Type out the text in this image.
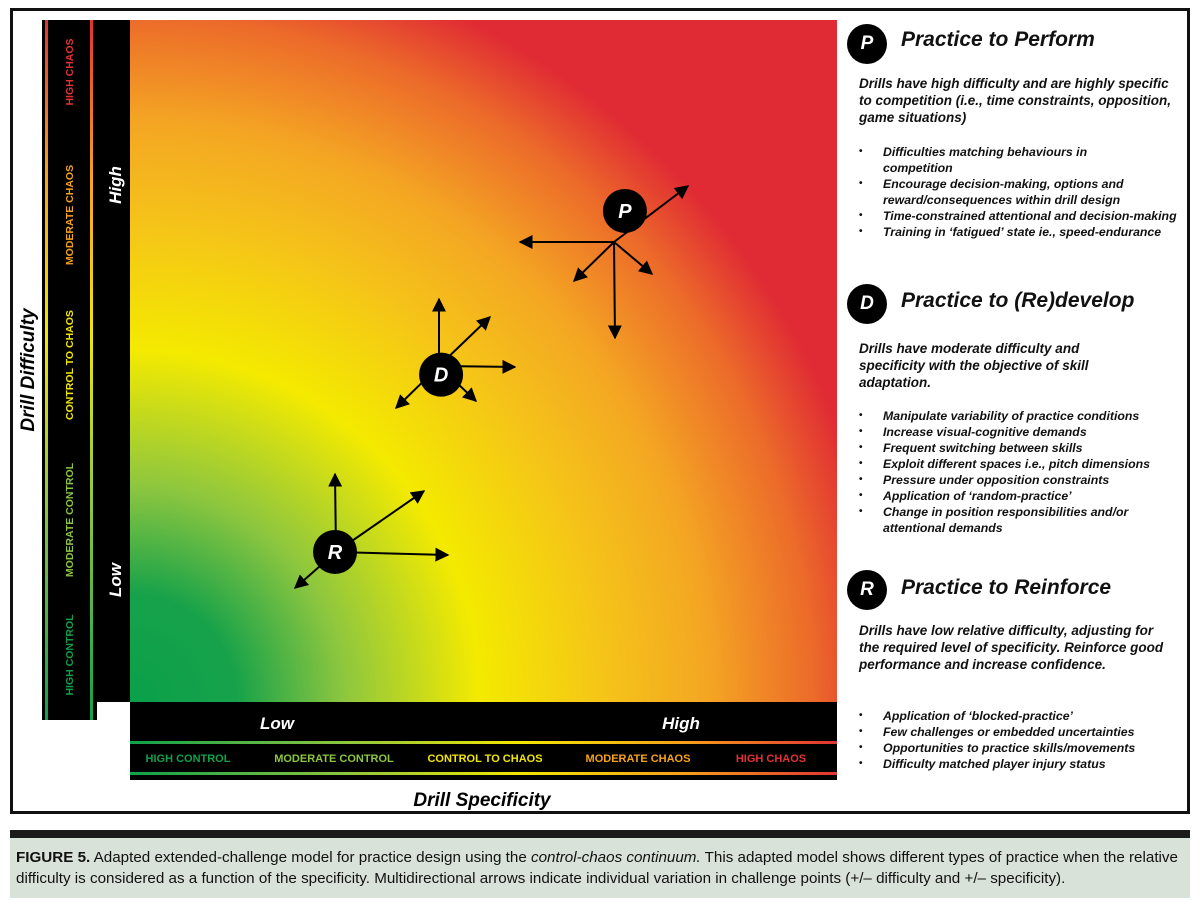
HIGH CONTROL
MODERATE CONTROL
CONTROL TO CHAOS
MODERATE CHAOS
HIGH CHAOS
High
Low
Drill Difficulty
Low	High
HIGH CONTROL	MODERATE CONTROL	CONTROL TO CHAOS	MODERATE CHAOS	HIGH CHAOS
Drill Specificity
P
D
R
P	Practice to Perform
Drills have high difficulty and are highly specific to competition (i.e., time constraints, opposition, game situations)
• Difficulties matching behaviours in competition
• Encourage decision-making, options and reward/consequences within drill design
• Time-constrained attentional and decision-making
• Training in ‘fatigued’ state ie., speed-endurance
D	Practice to (Re)develop
Drills have moderate difficulty and specificity with the objective of skill adaptation.
• Manipulate variability of practice conditions
• Increase visual-cognitive demands
• Frequent switching between skills
• Exploit different spaces i.e., pitch dimensions
• Pressure under opposition constraints
• Application of ‘random-practice’
• Change in position responsibilities and/or attentional demands
R	Practice to Reinforce
Drills have low relative difficulty, adjusting for the required level of specificity. Reinforce good performance and increase confidence.
• Application of ‘blocked-practice’
• Few challenges or embedded uncertainties
• Opportunities to practice skills/movements
• Difficulty matched player injury status
FIGURE 5. Adapted extended-challenge model for practice design using the control-chaos continuum. This adapted model shows different types of practice when the relative difficulty is considered as a function of the specificity. Multidirectional arrows indicate individual variation in challenge points (+/– difficulty and +/– specificity).
